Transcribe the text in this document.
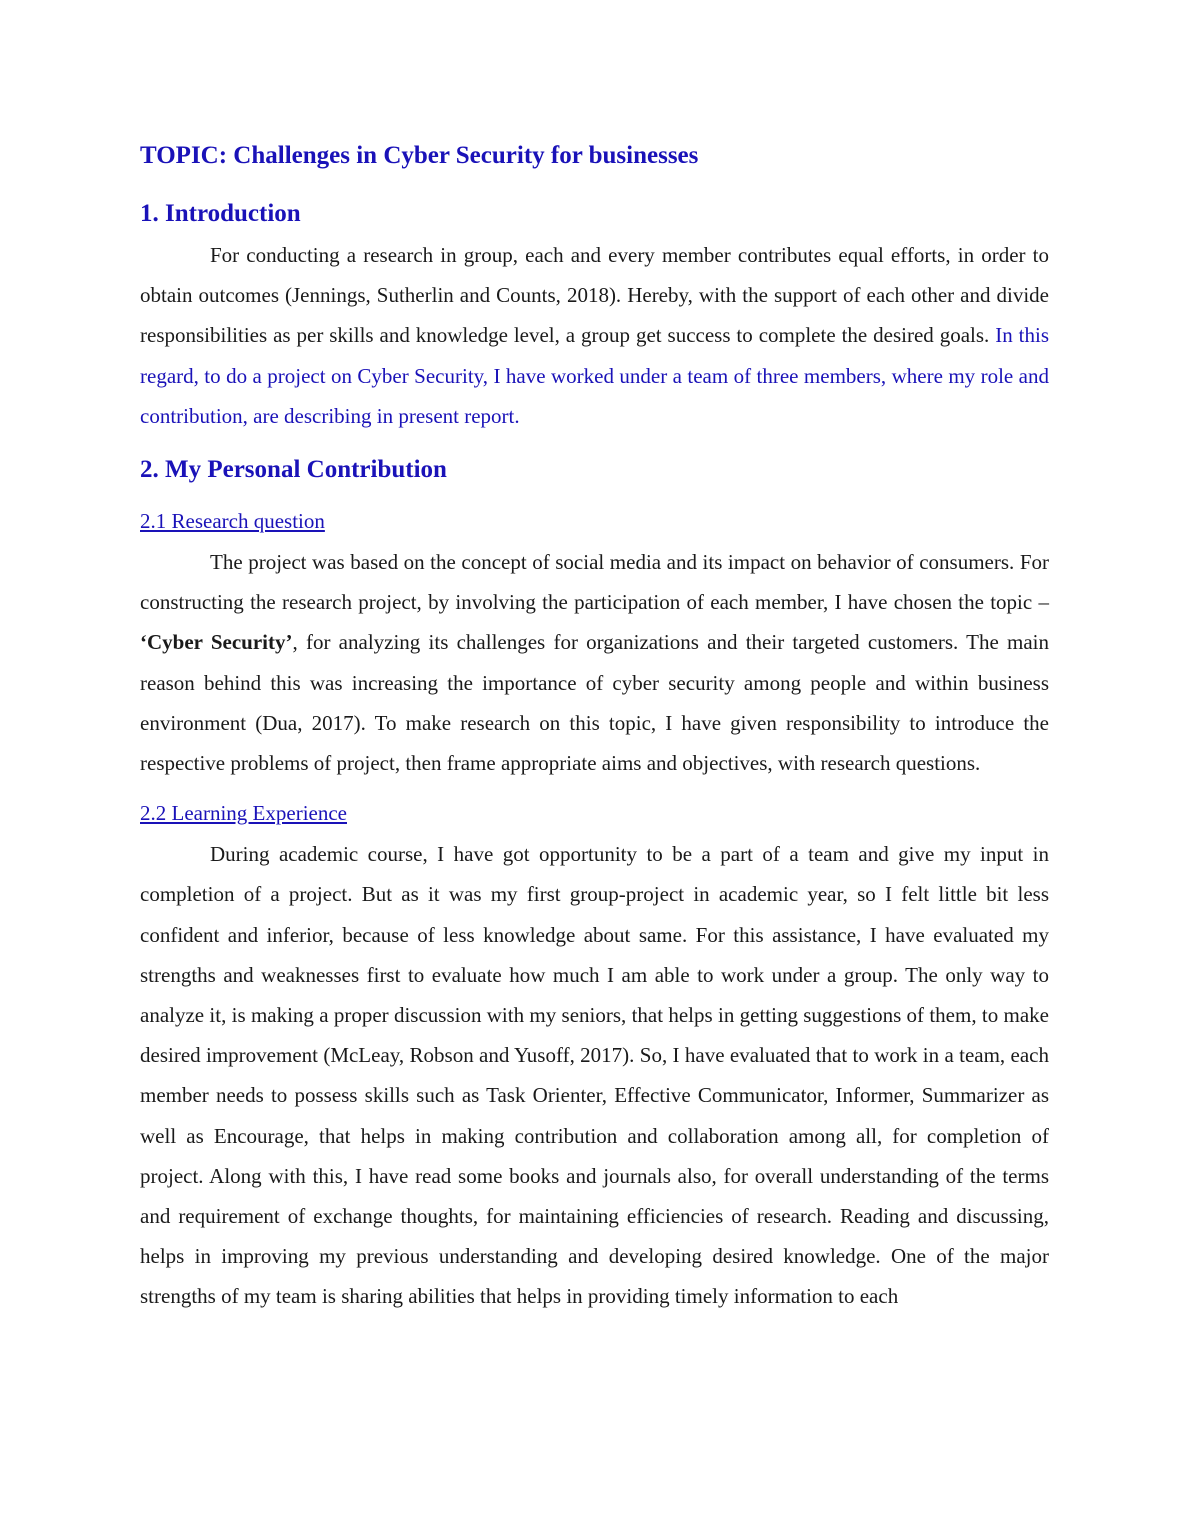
TOPIC: Challenges in Cyber Security for businesses

1. Introduction

For conducting a research in group, each and every member contributes equal efforts, in order to obtain outcomes (Jennings, Sutherlin and Counts, 2018). Hereby, with the support of each other and divide responsibilities as per skills and knowledge level, a group get success to complete the desired goals. In this regard, to do a project on Cyber Security, I have worked under a team of three members, where my role and contribution, are describing in present report.

2. My Personal Contribution

2.1 Research question

The project was based on the concept of social media and its impact on behavior of consumers. For constructing the research project, by involving the participation of each member, I have chosen the topic – ‘Cyber Security’, for analyzing its challenges for organizations and their targeted customers. The main reason behind this was increasing the importance of cyber security among people and within business environment (Dua, 2017). To make research on this topic, I have given responsibility to introduce the respective problems of project, then frame appropriate aims and objectives, with research questions.

2.2 Learning Experience

During academic course, I have got opportunity to be a part of a team and give my input in completion of a project. But as it was my first group-project in academic year, so I felt little bit less confident and inferior, because of less knowledge about same. For this assistance, I have evaluated my strengths and weaknesses first to evaluate how much I am able to work under a group. The only way to analyze it, is making a proper discussion with my seniors, that helps in getting suggestions of them, to make desired improvement (McLeay, Robson and Yusoff, 2017). So, I have evaluated that to work in a team, each member needs to possess skills such as Task Orienter, Effective Communicator, Informer, Summarizer as well as Encourage, that helps in making contribution and collaboration among all, for completion of project. Along with this, I have read some books and journals also, for overall understanding of the terms and requirement of exchange thoughts, for maintaining efficiencies of research. Reading and discussing, helps in improving my previous understanding and developing desired knowledge. One of the major strengths of my team is sharing abilities that helps in providing timely information to each
